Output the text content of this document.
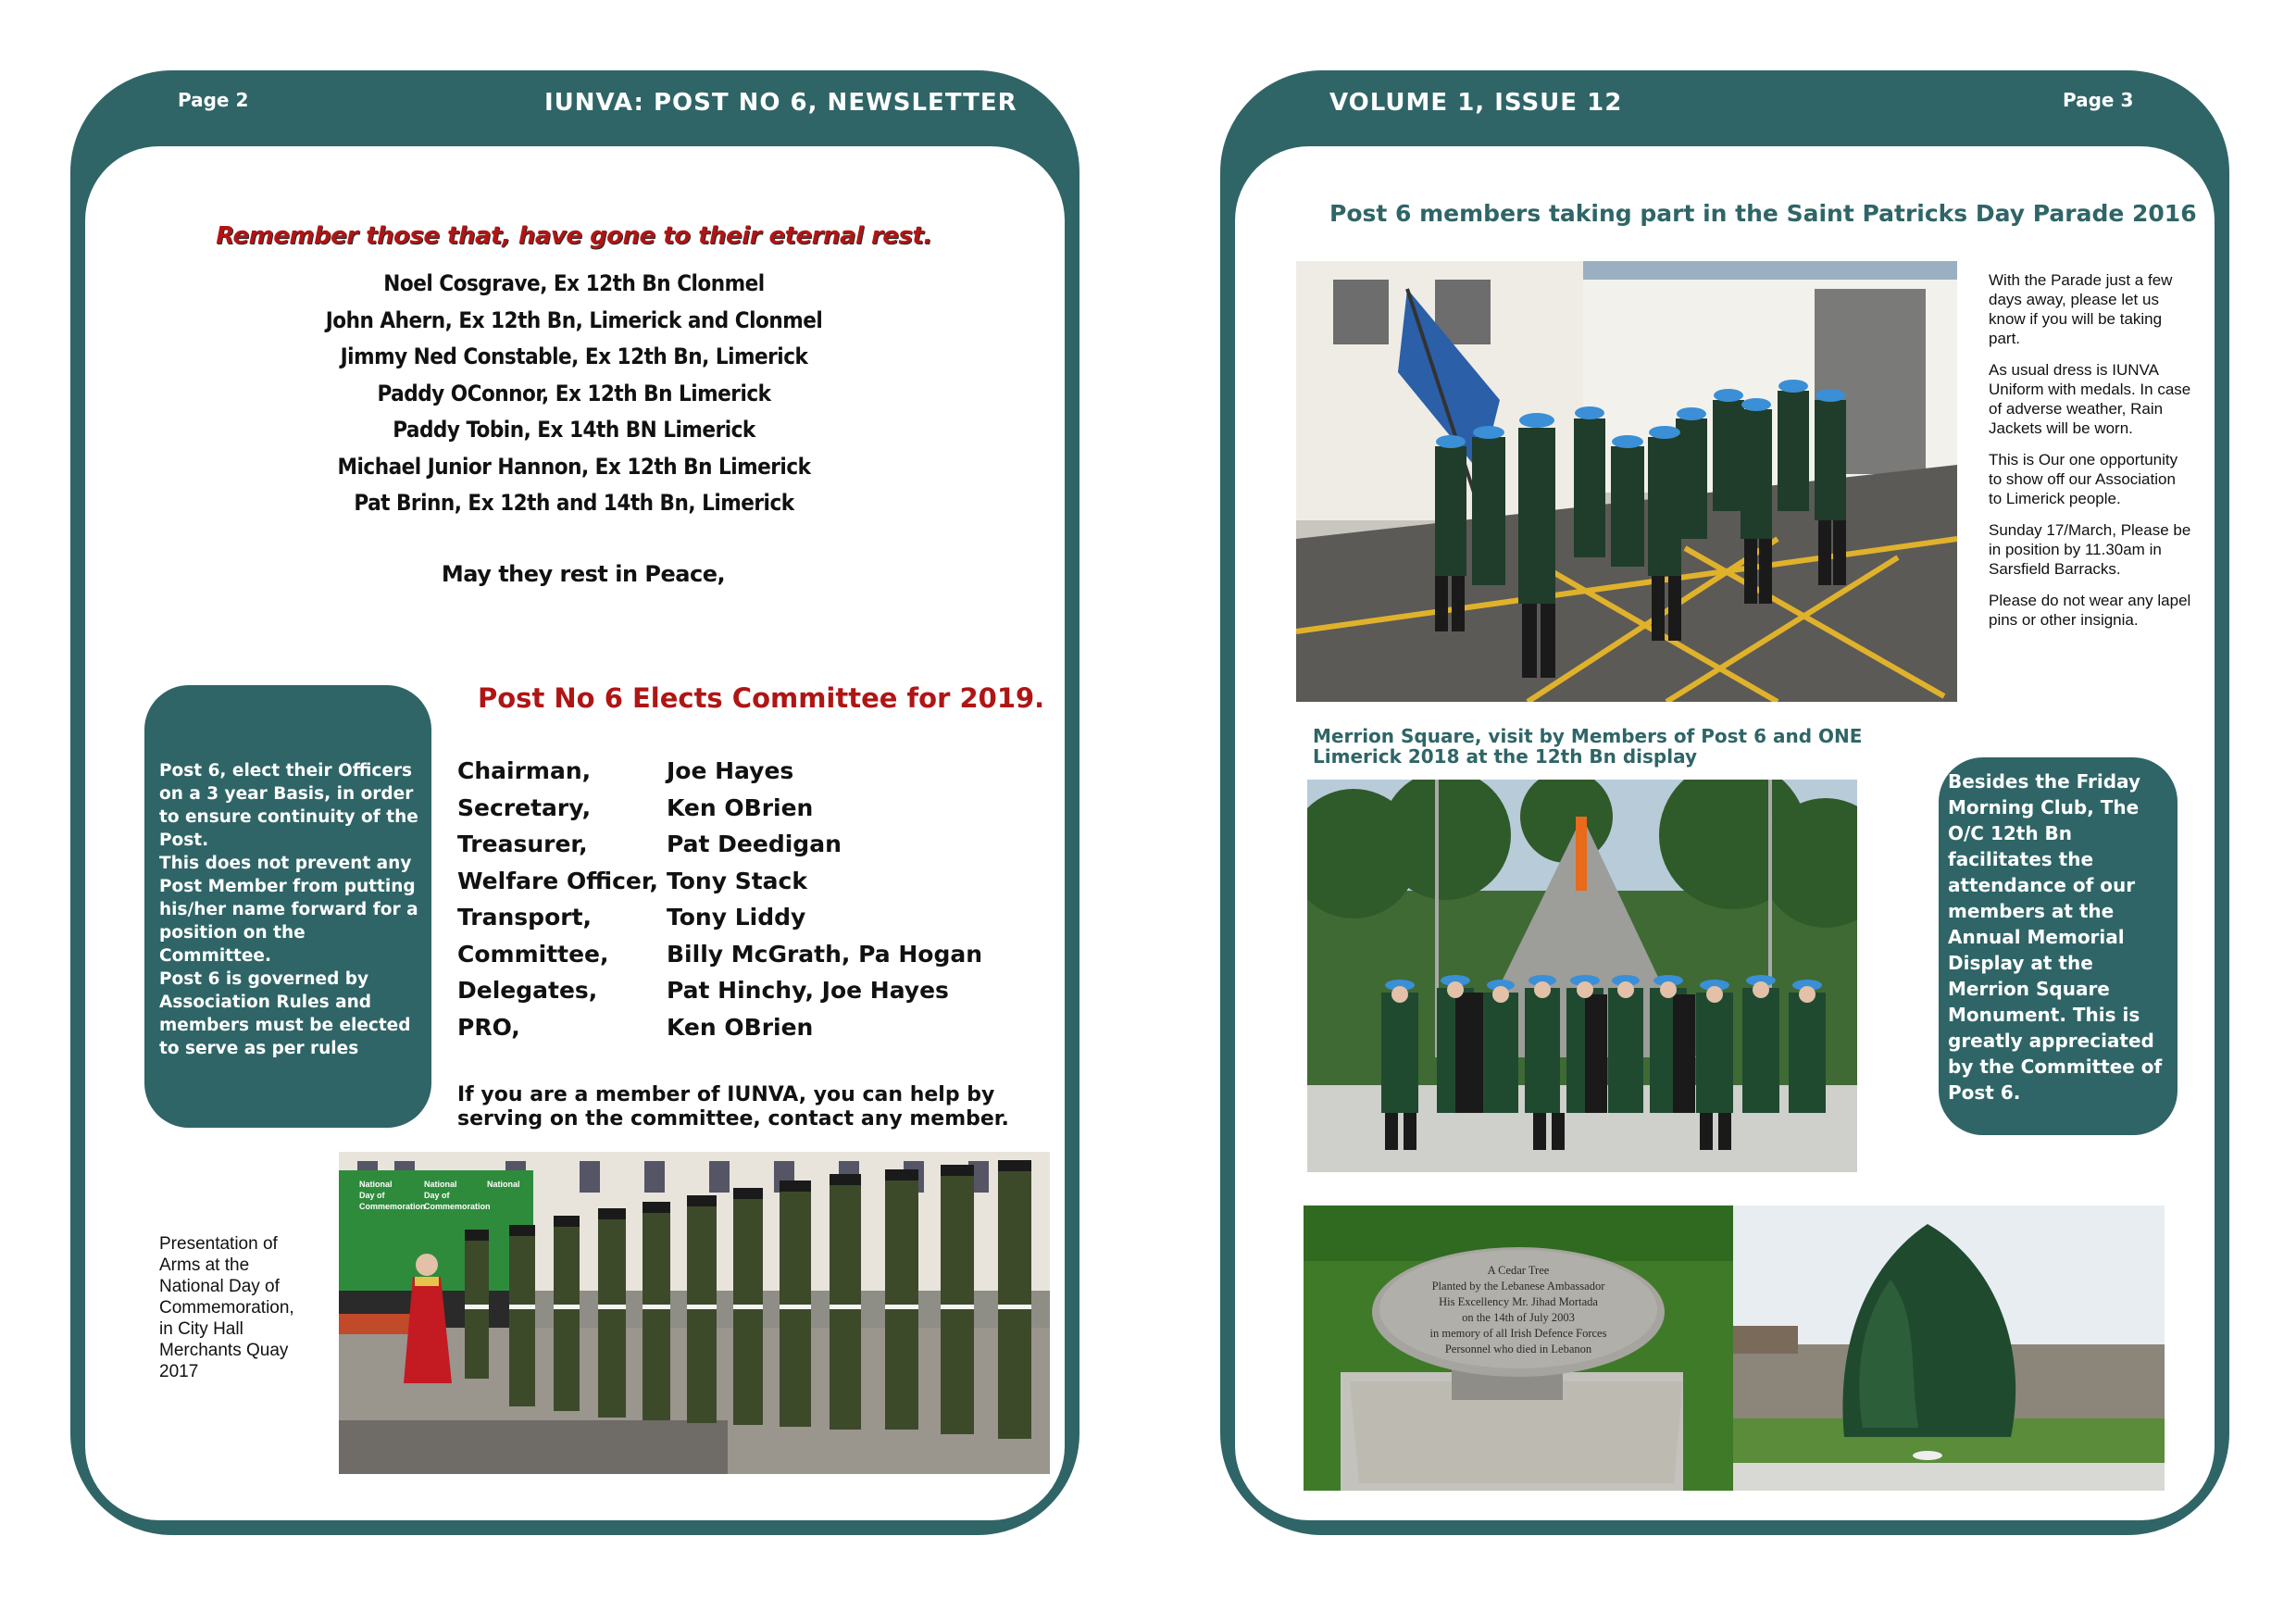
Page 2	IUNVA: POST NO 6, NEWSLETTER
Remember those that, have gone to their eternal rest.
Noel Cosgrave, Ex 12th Bn Clonmel
John Ahern, Ex 12th Bn, Limerick and Clonmel
Jimmy Ned Constable, Ex 12th Bn, Limerick
Paddy OConnor, Ex 12th Bn Limerick
Paddy Tobin, Ex 14th BN Limerick
Michael Junior Hannon, Ex 12th Bn Limerick
Pat Brinn, Ex 12th and 14th Bn, Limerick
May they rest in Peace,
Post No 6 Elects Committee for 2019.
Post 6, elect their Officers on a 3 year Basis, in order to ensure continuity of the Post.
This does not prevent any Post Member from putting his/her name forward for a position on the Committee.
Post 6 is governed by Association Rules and members must be elected to serve as per rules
Chairman,	Joe Hayes
Secretary,	Ken OBrien
Treasurer,	Pat Deedigan
Welfare Officer, Tony Stack
Transport,	Tony Liddy
Committee, Billy McGrath, Pa Hogan
Delegates,	Pat Hinchy, Joe Hayes
PRO,	Ken OBrien
If you are a member of IUNVA, you can help by serving on the committee, contact any member.
Presentation of
Arms at the
National Day of
Commemoration,
in City Hall
Merchants Quay
2017
National
Day of
Commemoration
National
Day of
Commemoration
National
VOLUME 1, ISSUE 12	Page 3
Post 6 members taking part in the Saint Patricks Day Parade 2016

With the Parade just a few days away, please let us know if you will be taking part.

As usual dress is IUNVA Uniform with medals. In case of adverse weather, Rain Jackets will be worn.

This is Our one opportunity to show off our Association to Limerick people.

Sunday 17/March, Please be in position by 11.30am in Sarsfield Barracks.

Please do not wear any lapel pins or other insignia.

Merrion Square, visit by Members of Post 6 and ONE
Limerick 2018 at the 12th Bn display
Besides the Friday Morning Club, The O/C 12th Bn facilitates the attendance of our members at the Annual Memorial Display at the Merrion Square Monument. This is greatly appreciated by the Committee of Post 6.
A Cedar Tree
Planted by the Lebanese Ambassador
His Excellency Mr. Jihad Mortada
on the 14th of July 2003
in memory of all Irish Defence Forces
Personnel who died in Lebanon
